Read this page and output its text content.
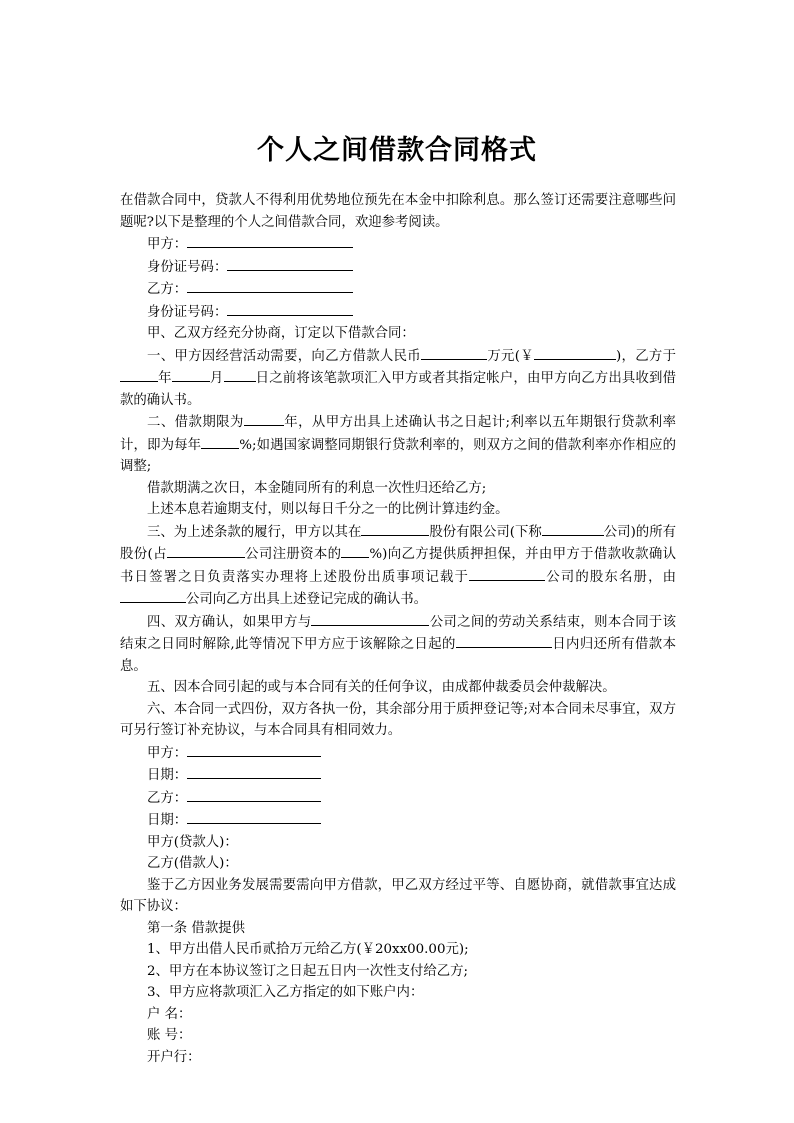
个人之间借款合同格式

在借款合同中，贷款人不得利用优势地位预先在本金中扣除利息。那么签订还需要注意哪些问题呢?以下是整理的个人之间借款合同，欢迎参考阅读。

甲方：

身份证号码：

乙方：

身份证号码：

甲、乙双方经充分协商，订定以下借款合同：

一、甲方因经营活动需要，向乙方借款人民币	万元(￥	)，乙方于年	月 日之前将该笔款项汇入甲方或者其指定帐户，由甲方向乙方出具收到借款的确认书。

二、借款期限为	年，从甲方出具上述确认书之日起计;利率以五年期银行贷款利率计，即为每年	%;如遇国家调整同期银行贷款利率的，则双方之间的借款利率亦作相应的调整;

借款期满之次日，本金随同所有的利息一次性归还给乙方;

上述本息若逾期支付，则以每日千分之一的比例计算违约金。

三、为上述条款的履行，甲方以其在	股份有限公司(下称	公司)的所有股份(占	公司注册资本的 %)向乙方提供质押担保，并由甲方于借款收款确认书日签署之日负责落实办理将上述股份出质事项记载于	公司的股东名册，由公司向乙方出具上述登记完成的确认书。

四、双方确认，如果甲方与	公司之间的劳动关系结束，则本合同于该结束之日同时解除,此等情况下甲方应于该解除之日起的	日内归还所有借款本息。

五、因本合同引起的或与本合同有关的任何争议，由成都仲裁委员会仲裁解决。

六、本合同一式四份，双方各执一份，其余部分用于质押登记等;对本合同未尽事宜，双方可另行签订补充协议，与本合同具有相同效力。

甲方：

日期：

乙方：

日期：

甲方(贷款人)：

乙方(借款人)：

鉴于乙方因业务发展需要需向甲方借款，甲乙双方经过平等、自愿协商，就借款事宜达成如下协议：

第一条 借款提供

1、甲方出借人民币贰拾万元给乙方(￥20xx00.00元);

2、甲方在本协议签订之日起五日内一次性支付给乙方;

3、甲方应将款项汇入乙方指定的如下账户内：

户 名：

账 号：

开户行：
